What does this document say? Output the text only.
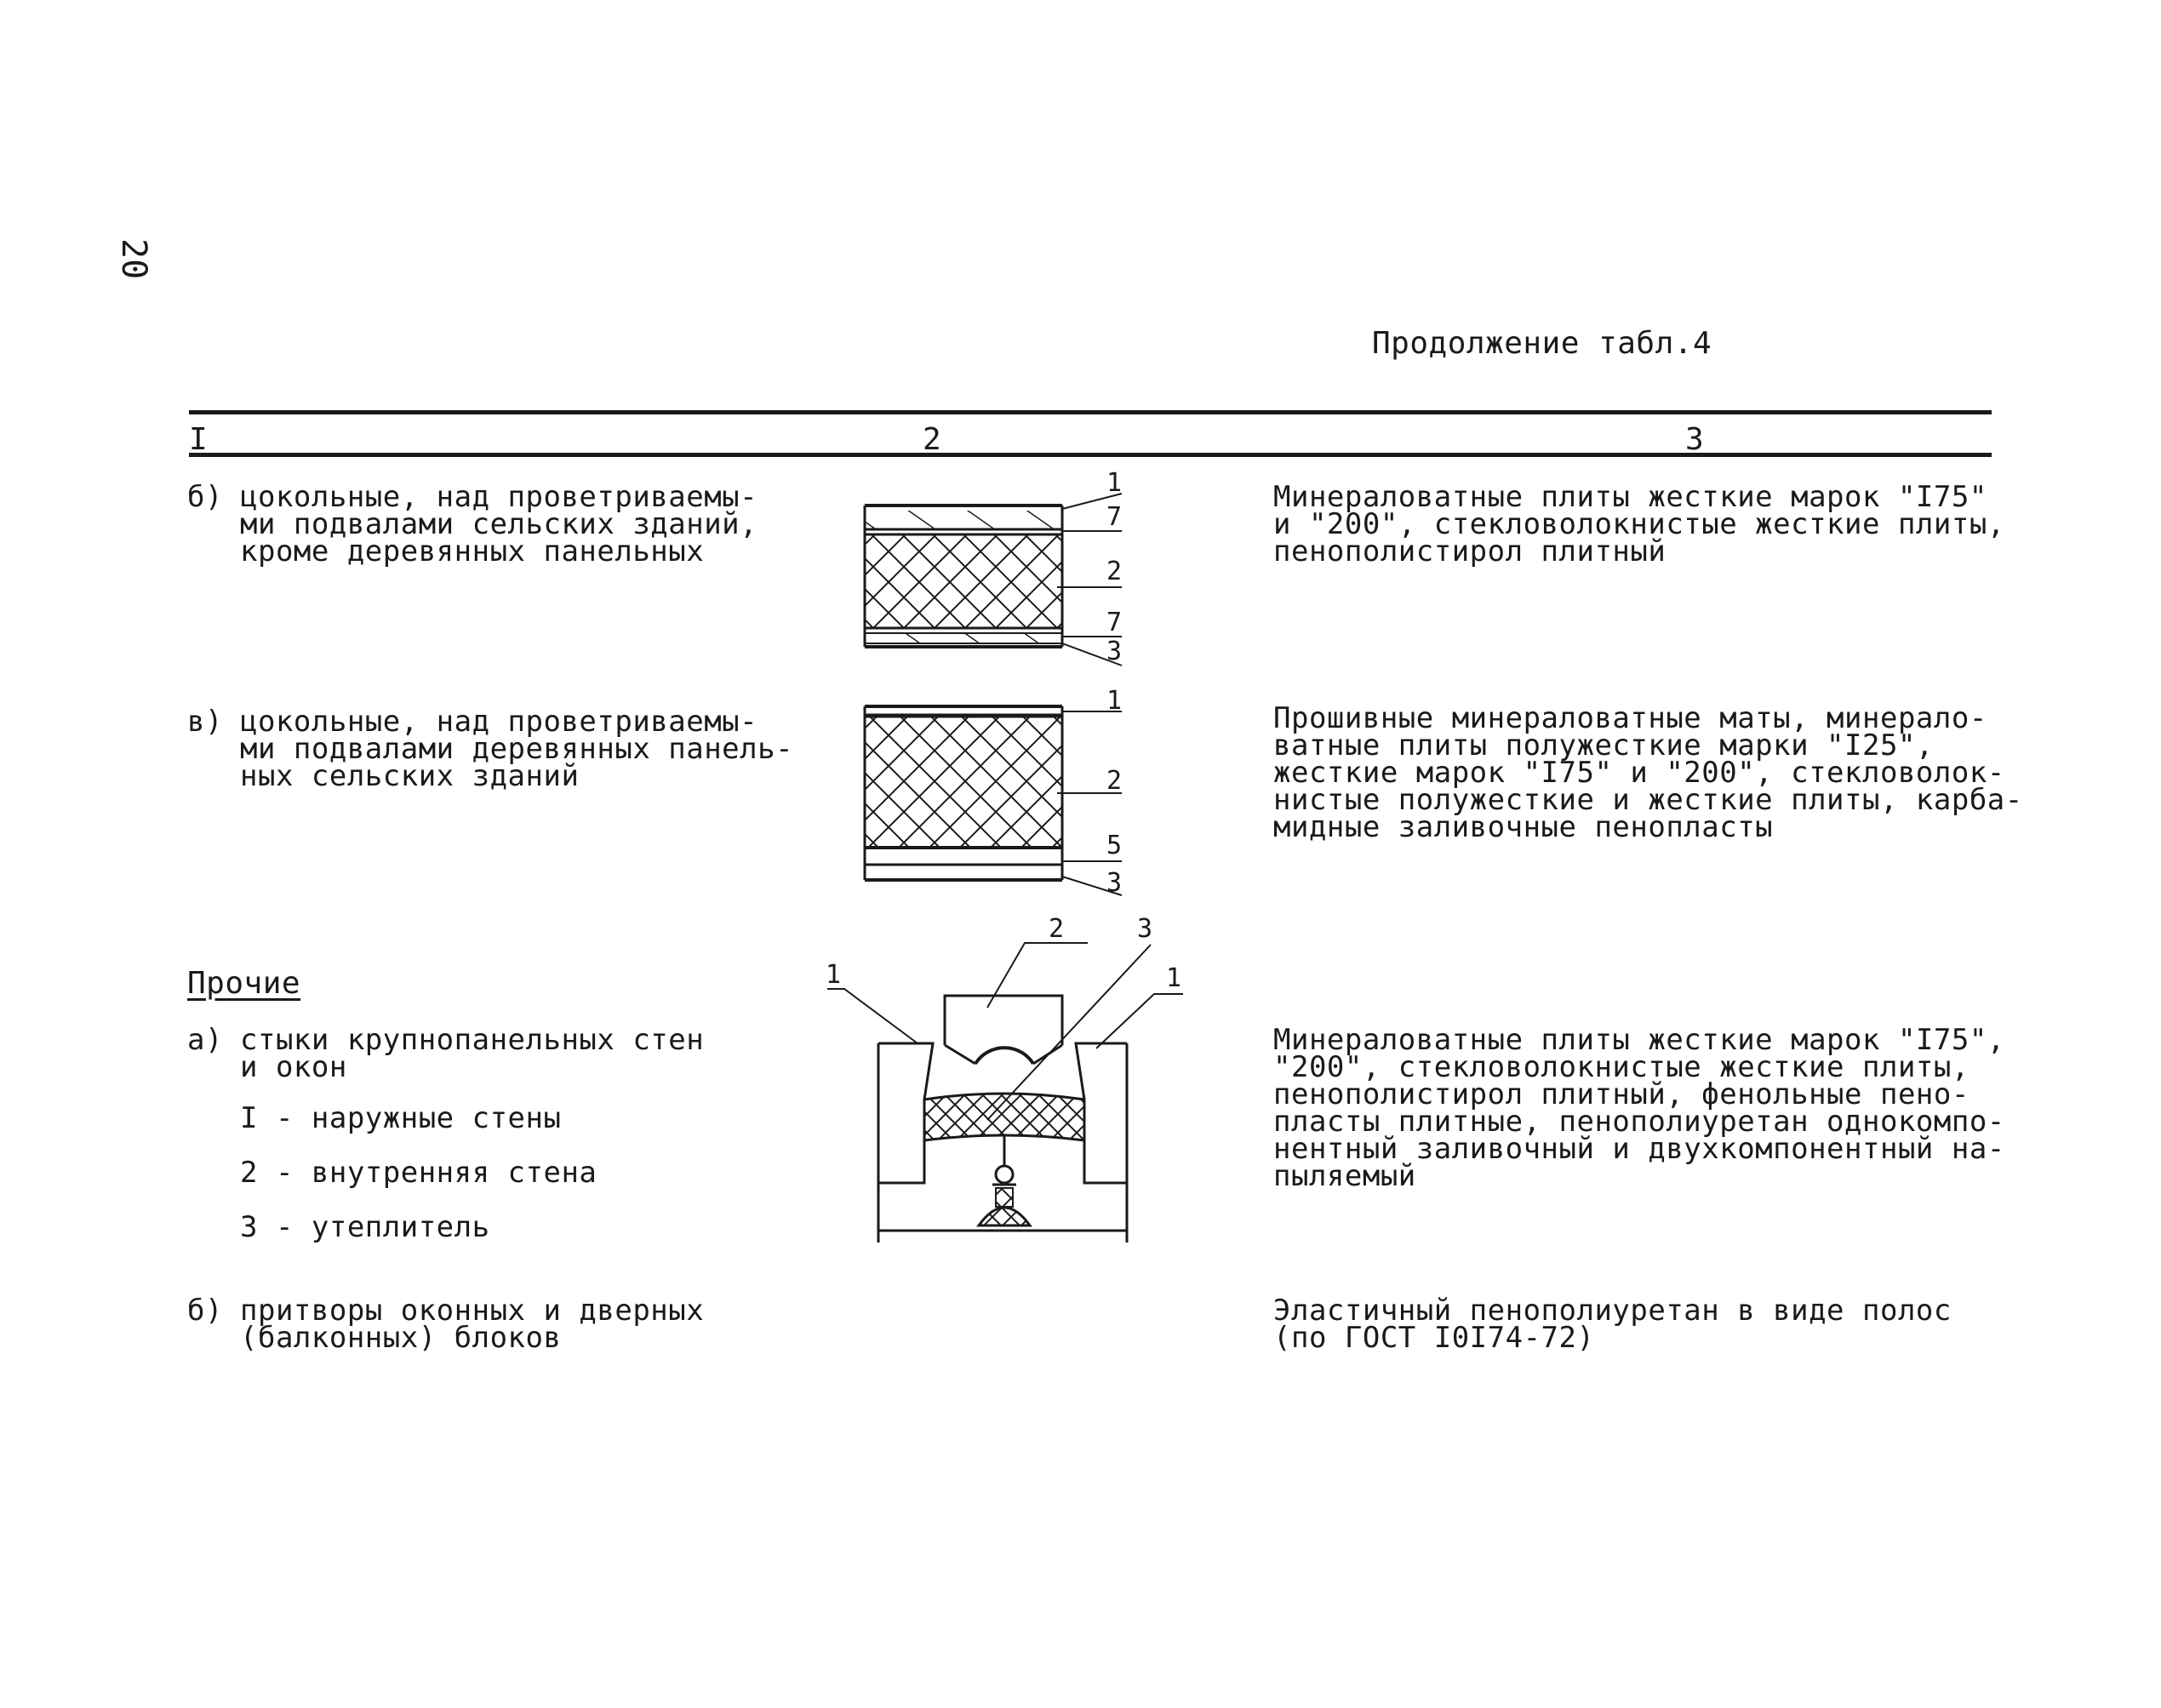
20
Продолжение табл.4
I	2	3
б) цокольные, над проветриваемы-
ми подвалами сельских зданий,
кроме деревянных панельных
1
7
2
7
3
Минераловатные плиты жесткие марок "I75"
и "200", стекловолокнистые жесткие плиты,
пенополистирол плитный
в) цокольные, над проветриваемы-
ми подвалами деревянных панель-
ных сельских зданий
1
2
5
3
Прошивные минераловатные маты, минерало-
ватные плиты полужесткие марки "I25",
жесткие марок "I75" и "200", стекловолок-
нистые полужесткие и жесткие плиты, карба-
мидные заливочные пенопласты
Прочие
а) стыки крупнопанельных стен
и окон
I - наружные стены
2 - внутренняя стена
3 - утеплитель
1
2	3
1
Минераловатные плиты жесткие марок "I75",
"200", стекловолокнистые жесткие плиты,
пенополистирол плитный, фенольные пено-
пласты плитные, пенополиуретан однокомпо-
нентный заливочный и двухкомпонентный на-
пыляемый
б) притворы оконных и дверных
(балконных) блоков
Эластичный пенополиуретан в виде полос
(по ГОСТ I0I74-72)
